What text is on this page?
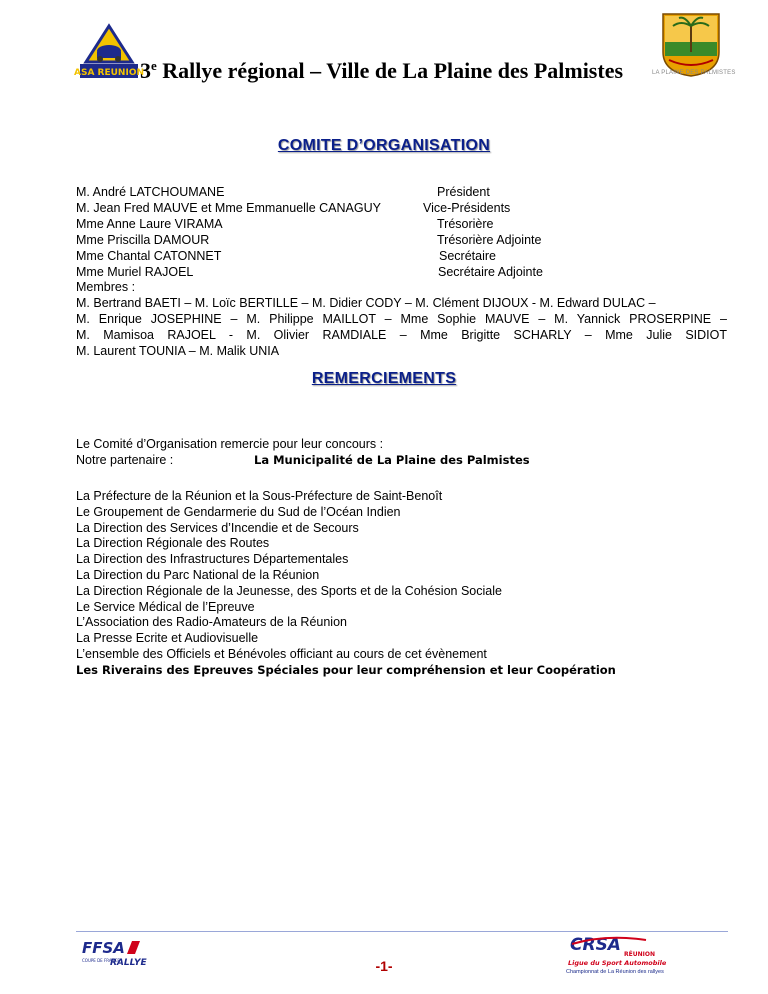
ASA REUNION
3e Rallye régional – Ville de La Plaine des Palmistes	LA PLAINE DES PALMISTES
COMITE D’ORGANISATION
M. André LATCHOUMANE	Président
M. Jean Fred MAUVE et Mme Emmanuelle CANAGUY	Vice-Présidents
Mme Anne Laure VIRAMA	Trésorière
Mme Priscilla DAMOUR	Trésorière Adjointe
Mme Chantal CATONNET	Secrétaire
Mme Muriel RAJOEL	Secrétaire Adjointe
Membres :
M. Bertrand BAETI – M. Loïc BERTILLE – M. Didier CODY – M. Clément DIJOUX - M. Edward DULAC –
M. Enrique JOSEPHINE – M. Philippe MAILLOT – Mme Sophie MAUVE – M. Yannick PROSERPINE –
M. Mamisoa RAJOEL - M. Olivier RAMDIALE – Mme Brigitte SCHARLY – Mme Julie SIDIOT
M. Laurent TOUNIA – M. Malik UNIA
REMERCIEMENTS
Le Comité d’Organisation remercie pour leur concours :
Notre partenaire :	La Municipalité de La Plaine des Palmistes
La Préfecture de la Réunion et la Sous-Préfecture de Saint-Benoît
Le Groupement de Gendarmerie du Sud de l’Océan Indien
La Direction des Services d’Incendie et de Secours
La Direction Régionale des Routes
La Direction des Infrastructures Départementales
La Direction du Parc National de la Réunion
La Direction Régionale de la Jeunesse, des Sports et de la Cohésion Sociale
Le Service Médical de l’Epreuve
L’Association des Radio-Amateurs de la Réunion
La Presse Ecrite et Audiovisuelle
L’ensemble des Officiels et Bénévoles officiant au cours de cet évènement
Les Riverains des Epreuves Spéciales pour leur compréhension et leur Coopération
FFSA
COUPE DE FRANCE
RALLYE	-1-
CRSA RÉUNION
Ligue du Sport Automobile
Championnat de La Réunion des rallyes
